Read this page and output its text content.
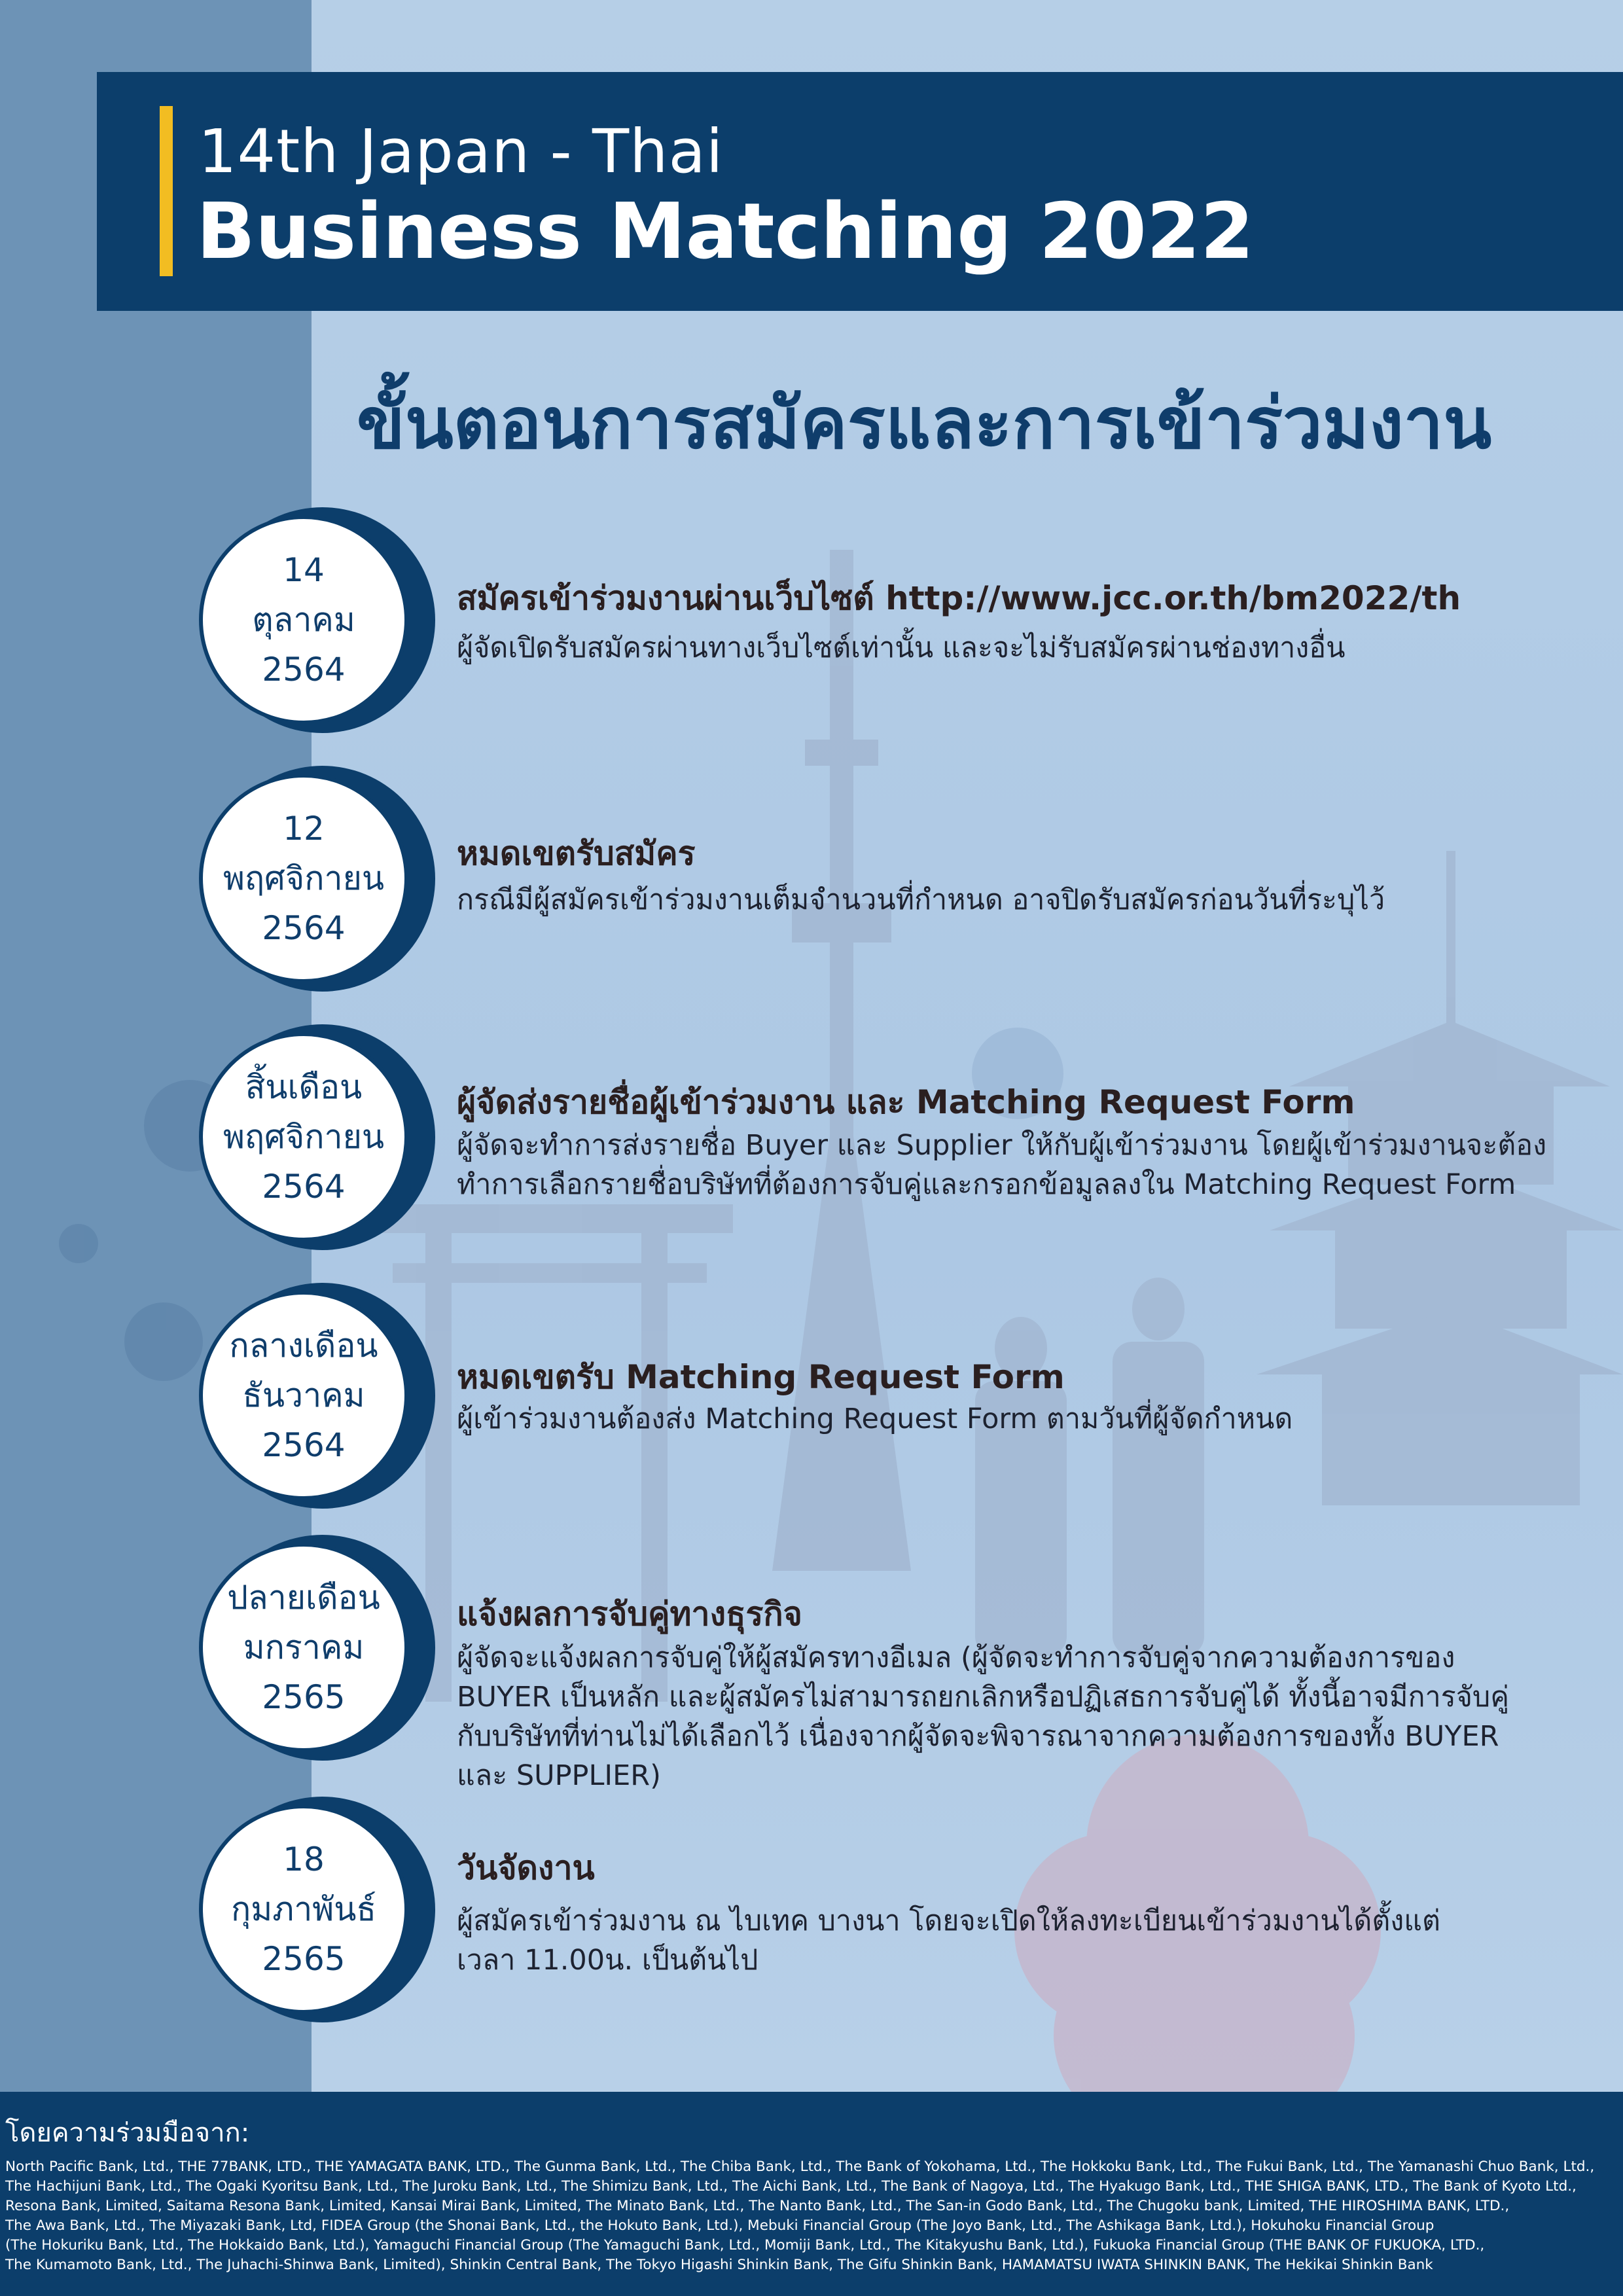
14th Japan - Thai
Business Matching 2022
ขั้นตอนการสมัครและการเข้าร่วมงาน
14
ตุลาคม
2564
สมัครเข้าร่วมงานผ่านเว็บไซต์ http://www.jcc.or.th/bm2022/th
ผู้จัดเปิดรับสมัครผ่านทางเว็บไซต์เท่านั้น และจะไม่รับสมัครผ่านช่องทางอื่น
12
พฤศจิกายน
2564
หมดเขตรับสมัคร
กรณีมีผู้สมัครเข้าร่วมงานเต็มจำนวนที่กำหนด อาจปิดรับสมัครก่อนวันที่ระบุไว้
สิ้นเดือน
พฤศจิกายน
2564
ผู้จัดส่งรายชื่อผู้เข้าร่วมงาน และ Matching Request Form
ผู้จัดจะทำการส่งรายชื่อ Buyer และ Supplier ให้กับผู้เข้าร่วมงาน โดยผู้เข้าร่วมงานจะต้อง
ทำการเลือกรายชื่อบริษัทที่ต้องการจับคู่และกรอกข้อมูลลงใน Matching Request Form
กลางเดือน
ธันวาคม
2564
หมดเขตรับ Matching Request Form
ผู้เข้าร่วมงานต้องส่ง Matching Request Form ตามวันที่ผู้จัดกำหนด
ปลายเดือน
มกราคม
2565
แจ้งผลการจับคู่ทางธุรกิจ
ผู้จัดจะแจ้งผลการจับคู่ให้ผู้สมัครทางอีเมล (ผู้จัดจะทำการจับคู่จากความต้องการของ
BUYER เป็นหลัก และผู้สมัครไม่สามารถยกเลิกหรือปฏิเสธการจับคู่ได้ ทั้งนี้อาจมีการจับคู่
กับบริษัทที่ท่านไม่ได้เลือกไว้ เนื่องจากผู้จัดจะพิจารณาจากความต้องการของทั้ง BUYER
และ SUPPLIER)
18
กุมภาพันธ์
2565
วันจัดงาน
ผู้สมัครเข้าร่วมงาน ณ ไบเทค บางนา โดยจะเปิดให้ลงทะเบียนเข้าร่วมงานได้ตั้งแต่
เวลา 11.00น. เป็นต้นไป
โดยความร่วมมือจาก:
North Pacific Bank, Ltd., THE 77BANK, LTD., THE YAMAGATA BANK, LTD., The Gunma Bank, Ltd., The Chiba Bank, Ltd., The Bank of Yokohama, Ltd., The Hokkoku Bank, Ltd., The Fukui Bank, Ltd., The Yamanashi Chuo Bank, Ltd.,
The Hachijuni Bank, Ltd., The Ogaki Kyoritsu Bank, Ltd., The Juroku Bank, Ltd., The Shimizu Bank, Ltd., The Aichi Bank, Ltd., The Bank of Nagoya, Ltd., The Hyakugo Bank, Ltd., THE SHIGA BANK, LTD., The Bank of Kyoto Ltd.,
Resona Bank, Limited, Saitama Resona Bank, Limited, Kansai Mirai Bank, Limited, The Minato Bank, Ltd., The Nanto Bank, Ltd., The San-in Godo Bank, Ltd., The Chugoku bank, Limited, THE HIROSHIMA BANK, LTD.,
The Awa Bank, Ltd., The Miyazaki Bank, Ltd, FIDEA Group (the Shonai Bank, Ltd., the Hokuto Bank, Ltd.), Mebuki Financial Group (The Joyo Bank, Ltd., The Ashikaga Bank, Ltd.), Hokuhoku Financial Group
(The Hokuriku Bank, Ltd., The Hokkaido Bank, Ltd.), Yamaguchi Financial Group (The Yamaguchi Bank, Ltd., Momiji Bank, Ltd., The Kitakyushu Bank, Ltd.), Fukuoka Financial Group (THE BANK OF FUKUOKA, LTD.,
The Kumamoto Bank, Ltd., The Juhachi-Shinwa Bank, Limited), Shinkin Central Bank, The Tokyo Higashi Shinkin Bank, The Gifu Shinkin Bank, HAMAMATSU IWATA SHINKIN BANK, The Hekikai Shinkin Bank
